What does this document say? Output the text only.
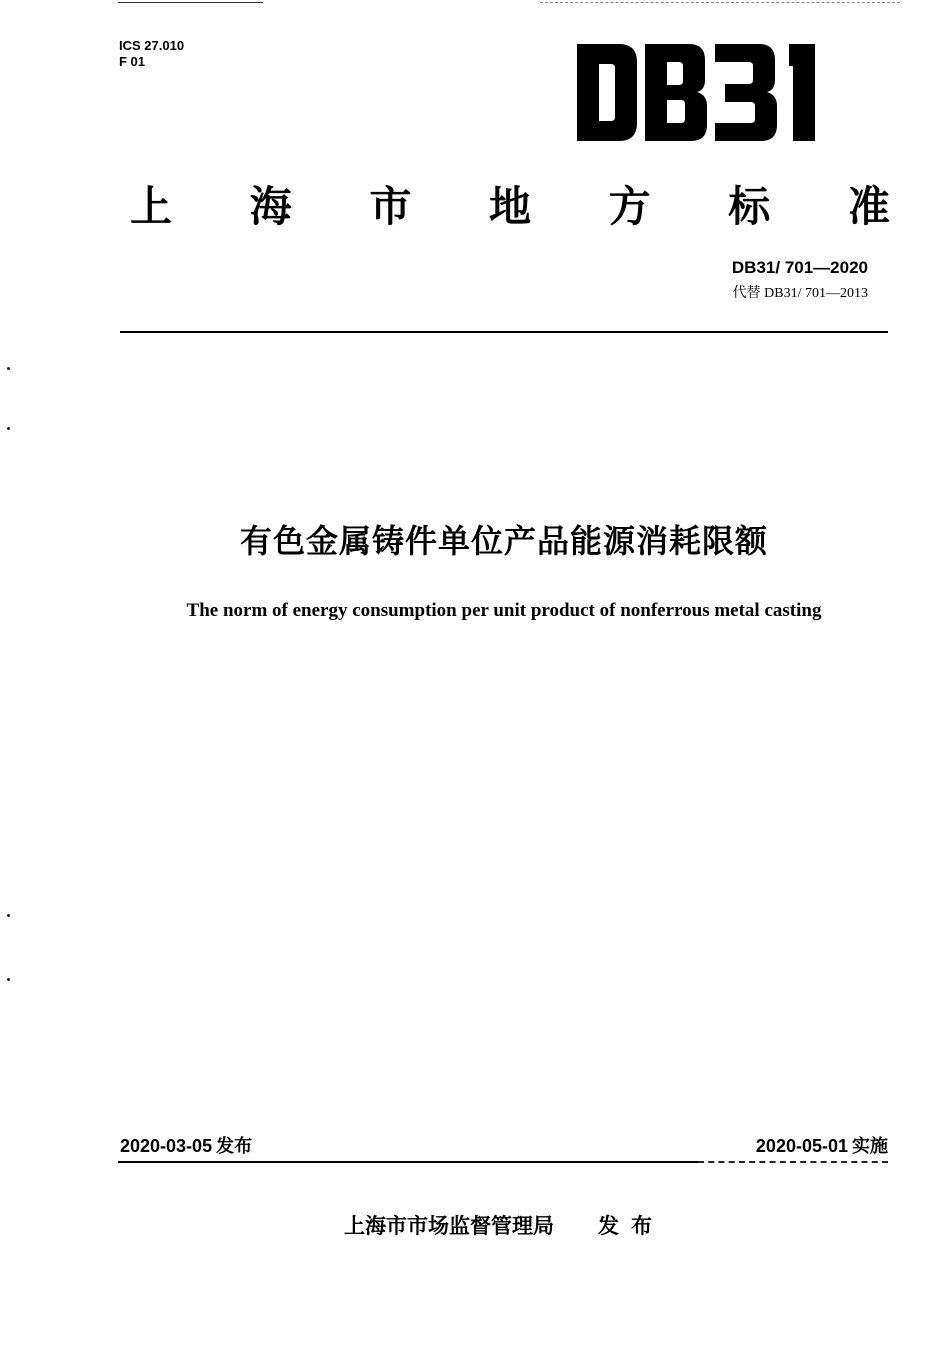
ICS 27.010
F 01
上 海 市 地 方 标 准
DB31/ 701—2020
代替 DB31/ 701—2013
有色金属铸件单位产品能源消耗限额
The norm of energy consumption per unit product of nonferrous metal casting
2020-03-05 发布	2020-05-01 实施
上海市市场监督管理局 发布
